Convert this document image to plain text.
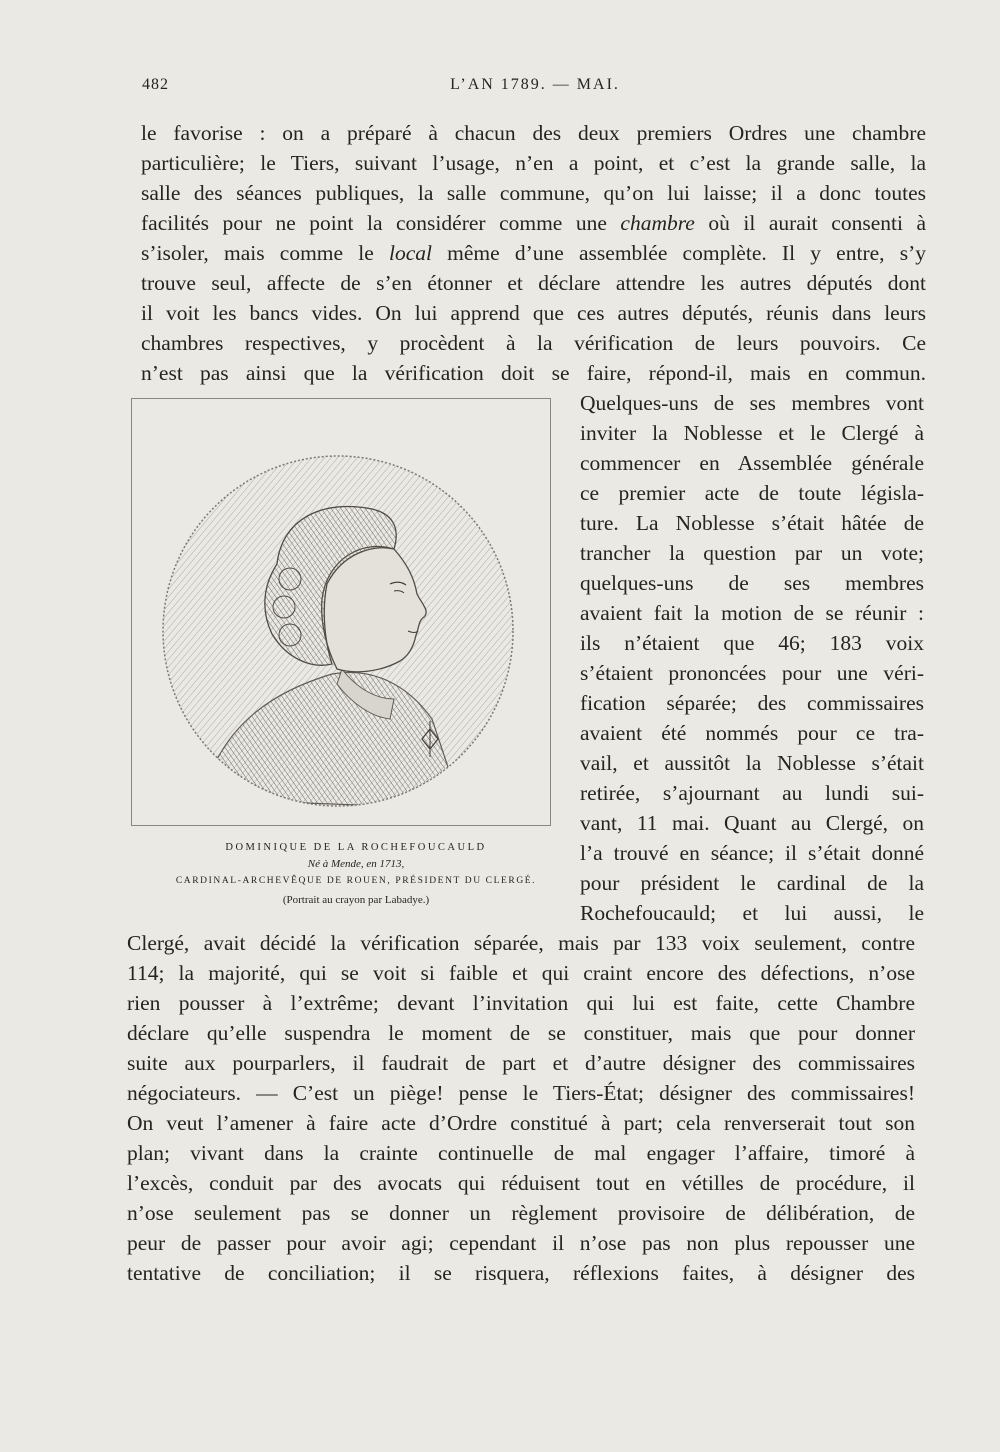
482	L’AN 1789. — MAI.
le favorise : on a préparé à chacun des deux premiers Ordres une chambre
particulière; le Tiers, suivant l’usage, n’en a point, et c’est la grande salle, la
salle des séances publiques, la salle commune, qu’on lui laisse; il a donc toutes
facilités pour ne point la considérer comme une chambre où il aurait consenti à
s’isoler, mais comme le local même d’une assemblée complète. Il y entre, s’y
trouve seul, affecte de s’en étonner et déclare attendre les autres députés dont
il voit les bancs vides. On lui apprend que ces autres députés, réunis dans leurs
chambres respectives, y procèdent à la vérification de leurs pouvoirs. Ce
n’est pas ainsi que la vérification doit se faire, répond-il, mais en commun.
DOMINIQUE DE LA ROCHEFOUCAULD
Né à Mende, en 1713,
CARDINAL-ARCHEVÊQUE DE ROUEN, PRÉSIDENT DU CLERGÉ.
(Portrait au crayon par Labadye.)
Quelques-uns de ses membres vont
inviter la Noblesse et le Clergé à
commencer en Assemblée générale
ce premier acte de toute législa-
ture. La Noblesse s’était hâtée de
trancher la question par un vote;
quelques-uns de ses membres
avaient fait la motion de se réunir :
ils n’étaient que 46; 183 voix
s’étaient prononcées pour une véri-
fication séparée; des commissaires
avaient été nommés pour ce tra-
vail, et aussitôt la Noblesse s’était
retirée, s’ajournant au lundi sui-
vant, 11 mai. Quant au Clergé, on
l’a trouvé en séance; il s’était donné
pour président le cardinal de la
Rochefoucauld; et lui aussi, le
Clergé, avait décidé la vérification séparée, mais par 133 voix seulement, contre
114; la majorité, qui se voit si faible et qui craint encore des défections, n’ose
rien pousser à l’extrême; devant l’invitation qui lui est faite, cette Chambre
déclare qu’elle suspendra le moment de se constituer, mais que pour donner
suite aux pourparlers, il faudrait de part et d’autre désigner des commissaires
négociateurs. — C’est un piège! pense le Tiers-État; désigner des commissaires!
On veut l’amener à faire acte d’Ordre constitué à part; cela renverserait tout son
plan; vivant dans la crainte continuelle de mal engager l’affaire, timoré à
l’excès, conduit par des avocats qui réduisent tout en vétilles de procédure, il
n’ose seulement pas se donner un règlement provisoire de délibération, de
peur de passer pour avoir agi; cependant il n’ose pas non plus repousser une
tentative de conciliation; il se risquera, réflexions faites, à désigner des
